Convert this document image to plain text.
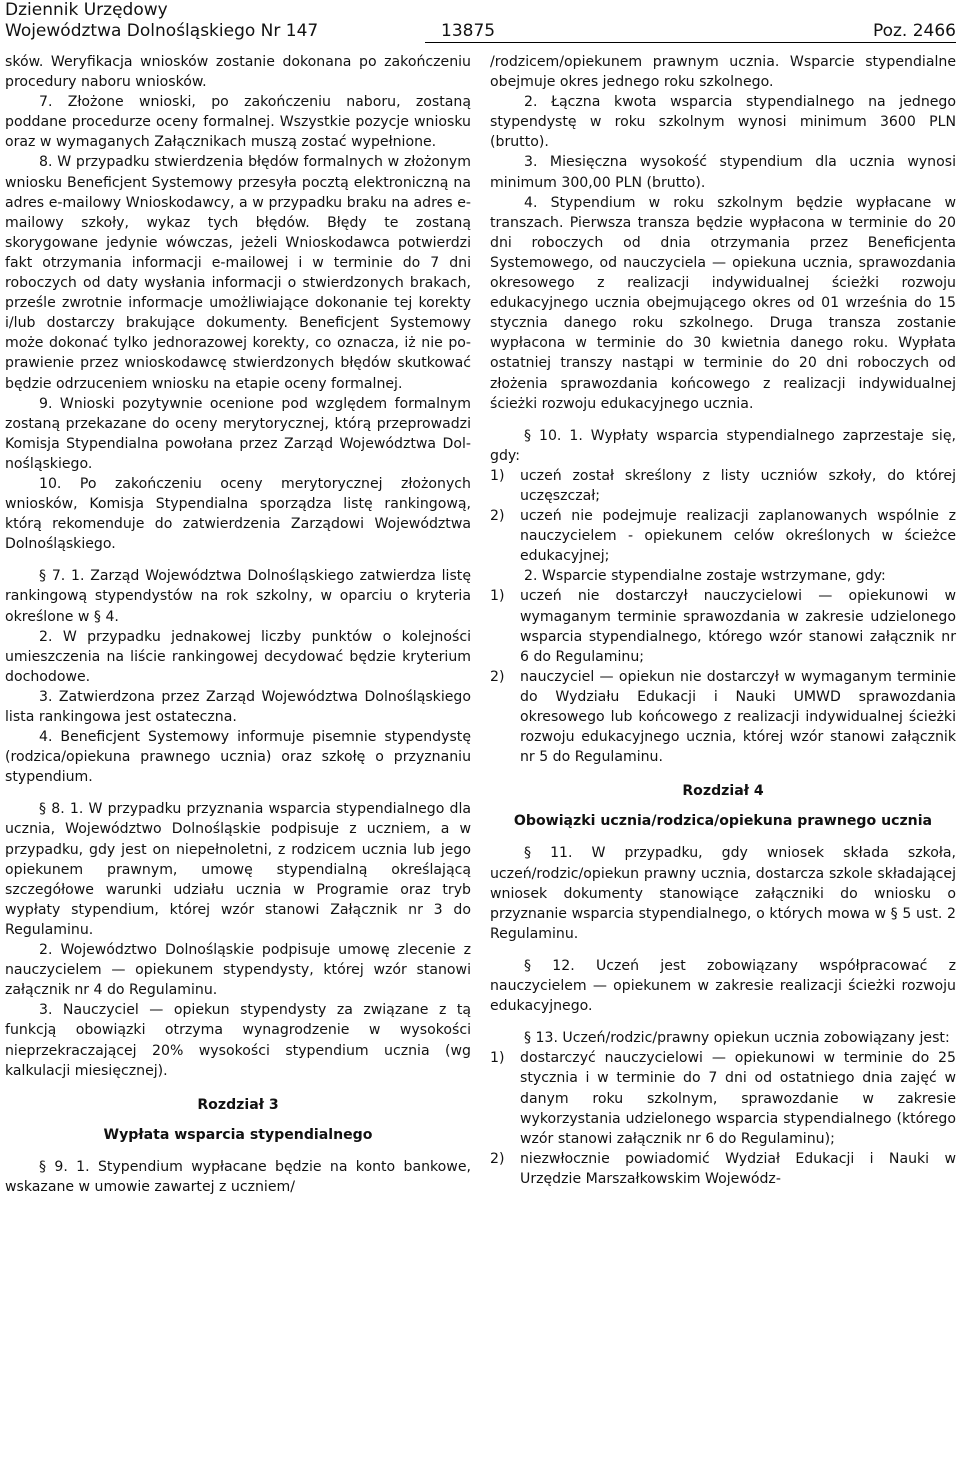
Dziennik Urzędowy
Województwa Dolnośląskiego Nr 147	13875	Poz. 2466

sków. Weryfikacja wniosków zostanie dokonana po zakończeniu procedury naboru wniosków.

7. Złożone wnioski, po zakończeniu naboru, zostaną poddane procedurze oceny formalnej. Wszystkie pozycje wniosku oraz w wymaganych Załącznikach muszą zostać wypełnione.

8. W przypadku stwierdzenia błędów formalnych w złożonym wniosku Beneficjent Systemowy przesyła pocztą elektroniczną na adres e-mailowy Wnioskodawcy, a w przypadku braku na adres e-mailowy szkoły, wykaz tych błędów. Błędy te zostaną skorygowane jedynie wówczas, jeżeli Wnioskodawca potwierdzi fakt otrzymania informacji e-mailowej i w terminie do 7 dni roboczych od daty wysłania informacji o stwierdzonych brakach, prześle zwrotnie informacje umożliwiające dokonanie tej korekty i/lub dostarczy brakujące dokumenty. Beneficjent Systemowy może dokonać tylko jednorazowej korekty, co oznacza, iż nie poprawienie przez wnioskodawcę stwierdzonych błędów skutkować będzie odrzuceniem wniosku na etapie oceny formalnej.

9. Wnioski pozytywnie ocenione pod względem formalnym zostaną przekazane do oceny merytorycznej, którą przeprowadzi Komisja Stypendialna powołana przez Zarząd Województwa Dolnośląskiego.

10. Po zakończeniu oceny merytorycznej złożonych wniosków, Komisja Stypendialna sporządza listę rankingową, którą rekomenduje do zatwierdzenia Zarządowi Województwa Dolnośląskiego.

§ 7. 1. Zarząd Województwa Dolnośląskiego zatwierdza listę rankingową stypendystów na rok szkolny, w oparciu o kryteria określone w § 4.

2. W przypadku jednakowej liczby punktów o kolejności umieszczenia na liście rankingowej decydować będzie kryterium dochodowe.

3. Zatwierdzona przez Zarząd Województwa Dolnośląskiego lista rankingowa jest ostateczna.

4. Beneficjent Systemowy informuje pisemnie stypendystę (rodzica/opiekuna prawnego ucznia) oraz szkołę o przyznaniu stypendium.

§ 8. 1. W przypadku przyznania wsparcia stypendialnego dla ucznia, Województwo Dolnośląskie podpisuje z uczniem, a w przypadku, gdy jest on niepełnoletni, z rodzicem ucznia lub jego opiekunem prawnym, umowę stypendialną określającą szczegółowe warunki udziału ucznia w Programie oraz tryb wypłaty stypendium, której wzór stanowi Załącznik nr 3 do Regulaminu.

2. Województwo Dolnośląskie podpisuje umowę zlecenie z nauczycielem — opiekunem stypendysty, której wzór stanowi załącznik nr 4 do Regulaminu.

3. Nauczyciel — opiekun stypendysty za związane z tą funkcją obowiązki otrzyma wynagrodzenie w wysokości nieprzekraczającej 20% wysokości stypendium ucznia (wg kalkulacji miesięcznej).

Rozdział 3

Wypłata wsparcia stypendialnego

§ 9. 1. Stypendium wypłacane będzie na konto bankowe, wskazane w umowie zawartej z uczniem/

/rodzicem/opiekunem prawnym ucznia. Wsparcie stypendialne obejmuje okres jednego roku szkolnego.

2. Łączna kwota wsparcia stypendialnego na jednego stypendystę w roku szkolnym wynosi minimum 3600 PLN (brutto).

3. Miesięczna wysokość stypendium dla ucznia wynosi minimum 300,00 PLN (brutto).

4. Stypendium w roku szkolnym będzie wypłacane w transzach. Pierwsza transza będzie wypłacona w terminie do 20 dni roboczych od dnia otrzymania przez Beneficjenta Systemowego, od nauczyciela — opiekuna ucznia, sprawozdania okresowego z realizacji indywidualnej ścieżki rozwoju edukacyjnego ucznia obejmującego okres od 01 września do 15 stycznia danego roku szkolnego. Druga transza zostanie wypłacona w terminie do 30 kwietnia danego roku. Wypłata ostatniej transzy nastąpi w terminie do 20 dni roboczych od złożenia sprawozdania końcowego z realizacji indywidualnej ścieżki rozwoju edukacyjnego ucznia.

§ 10. 1. Wypłaty wsparcia stypendialnego zaprzestaje się, gdy:

1)	uczeń został skreślony z listy uczniów szkoły, do której uczęszczał;
2)	uczeń nie podejmuje realizacji zaplanowanych wspólnie z nauczycielem - opiekunem celów określonych w ścieżce edukacyjnej;

2. Wsparcie stypendialne zostaje wstrzymane, gdy:

1)	uczeń nie dostarczył nauczycielowi — opiekunowi w wymaganym terminie sprawozdania w zakresie udzielonego wsparcia stypendialnego, którego wzór stanowi załącznik nr 6 do Regulaminu;
2)	nauczyciel — opiekun nie dostarczył w wymaganym terminie do Wydziału Edukacji i Nauki UMWD sprawozdania okresowego lub końcowego z realizacji indywidualnej ścieżki rozwoju edukacyjnego ucznia, której wzór stanowi załącznik nr 5 do Regulaminu.

Rozdział 4

Obowiązki ucznia/rodzica/opiekuna prawnego ucznia

§ 11. W przypadku, gdy wniosek składa szkoła, uczeń/rodzic/opiekun prawny ucznia, dostarcza szkole składającej wniosek dokumenty stanowiące załączniki do wniosku o przyznanie wsparcia stypendialnego, o których mowa w § 5 ust. 2 Regulaminu.

§ 12. Uczeń jest zobowiązany współpracować z nauczycielem — opiekunem w zakresie realizacji ścieżki rozwoju edukacyjnego.

§ 13. Uczeń/rodzic/prawny opiekun ucznia zobowiązany jest:

1)	dostarczyć nauczycielowi — opiekunowi w terminie do 25 stycznia i w terminie do 7 dni od ostatniego dnia zajęć w danym roku szkolnym, sprawozdanie w zakresie wykorzystania udzielonego wsparcia stypendialnego (którego wzór stanowi załącznik nr 6 do Regulaminu);
2)	niezwłocznie powiadomić Wydział Edukacji i Nauki w Urzędzie Marszałkowskim Wojewódz-
